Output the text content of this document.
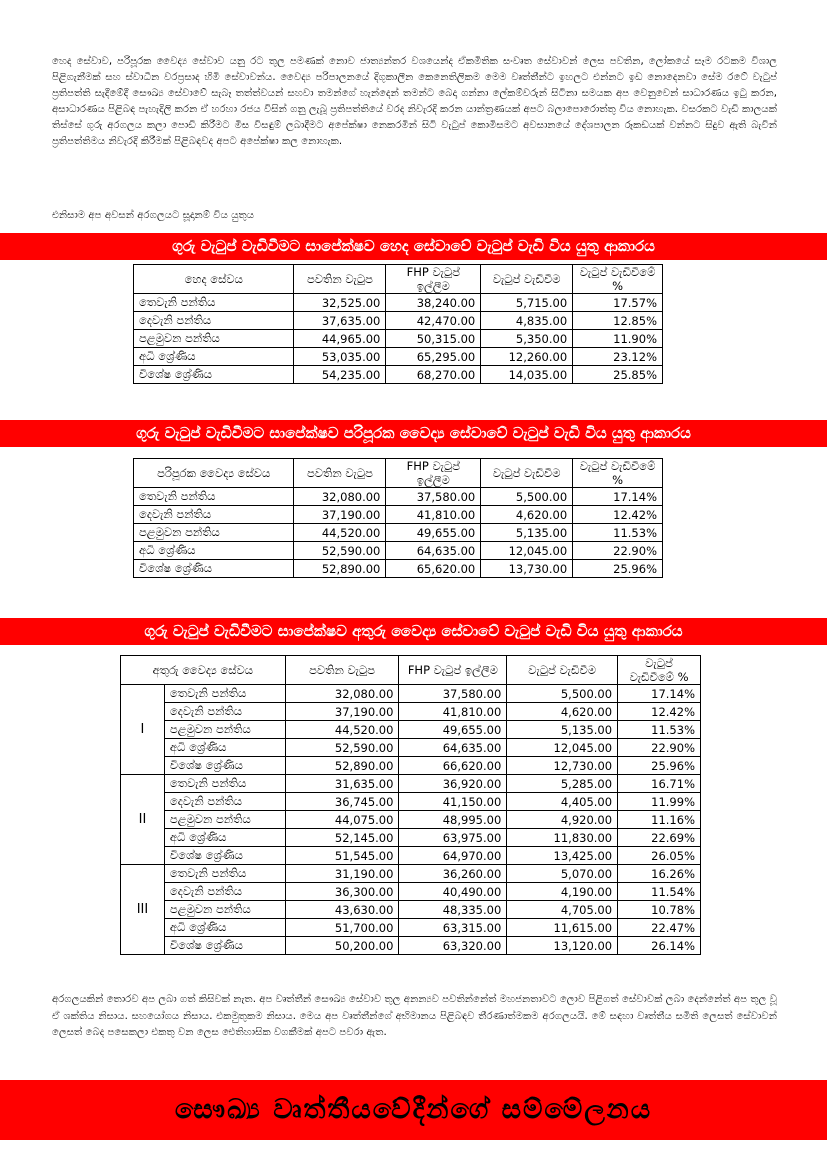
හෙද සේවාව, පරිපූරක වෛද්‍ය සේවාව යනු රට තුල පමණක් නොව ජාත්‍යන්තර වශයෙන්ද ඒකමිතික සංවෘත සේවාවන් ලෙස පවතින, ලෝකයේ සෑම රටකම විශාල පිළිගැනීමක් සහ ස්වාධීන වරප්‍රසාද හිමි සේවාවන්ය. වෛද්‍ය පරිපාලනයේ දිගුකාලීන කෙනෙතිලිකම මෙම වෘත්තීන්ට ඉහලට එන්නට ඉඩ නොදෙනවා සේම රටේ වැටුප් ප්‍රතිපත්ති සැදීමේදී සෞඛ්‍ය සේවාවේ සැබෑ තත්ත්වයන් සහවා තමන්ගේ හැන්දෙන් තමන්ට බෙදා ගන්නා ලේකම්වරුන් සිටිනා සමයක අප වෙනුවෙන් සාධාරණය ඉටු කරන, අසාධාරණය පිළිබඳ පැහැදිලි කරන ඒ හරහා රජය විසින් ගනු ලැබූ ප්‍රතිපත්තියේ වරද නිවැරදි කරන යාන්ත්‍රණයක් අපට බලාපොරොත්තු විය නොහැක. වසරකට වැඩි කාලයක් තිස්සේ ගුරු අරගලය කලා පොඩි කිරීමට මිස විසඳුම් ලබාදීමට අපේක්ෂා නෙකරමින් සිටි වැටුප් කොමිසමට අවසානයේ දේශපාලන රූකඩයක් වන්නට සිදුව ඇති බැවින් ප්‍රතිපත්තිමය නිවැරදි කිරීමක් පිළිබඳවද අපට අපේක්ෂා කල නොහැක.

එනිසාම අප අවසන් අරගලයට සූදානම් විය යුතුය

ගුරු වැටුප් වැඩිවීමට සාපේක්ෂව හෙද සේවාවේ වැටුප් වැඩි විය යුතු ආකාරය
හෙද සේවය	පවතින වැටුප	FHP වැටුප් ඉල්ලීම	වැටුප් වැඩිවීම	වැටුප් වැඩිවීමේ %
තෙවැනි පන්තිය	32,525.00	38,240.00	5,715.00	17.57%
දෙවැනි පන්තිය	37,635.00	42,470.00	4,835.00	12.85%
පළමුවන පන්තිය	44,965.00	50,315.00	5,350.00	11.90%
අධි ශ්‍රේණිය	53,035.00	65,295.00	12,260.00	23.12%
විශේෂ ශ්‍රේණිය	54,235.00	68,270.00	14,035.00	25.85%
ගුරු වැටුප් වැඩිවීමට සාපේක්ෂව පරිපූරක වෛද්‍ය සේවාවේ වැටුප් වැඩි විය යුතු ආකාරය
පරිපූරක වෛද්‍ය සේවය	පවතින වැටුප	FHP වැටුප් ඉල්ලීම	වැටුප් වැඩිවීම	වැටුප් වැඩිවීමේ %
තෙවැනි පන්තිය	32,080.00	37,580.00	5,500.00	17.14%
දෙවැනි පන්තිය	37,190.00	41,810.00	4,620.00	12.42%
පළමුවන පන්තිය	44,520.00	49,655.00	5,135.00	11.53%
අධි ශ්‍රේණිය	52,590.00	64,635.00	12,045.00	22.90%
විශේෂ ශ්‍රේණිය	52,890.00	65,620.00	13,730.00	25.96%
ගුරු වැටුප් වැඩිවීමට සාපේක්ෂව අතුරු වෛද්‍ය සේවාවේ වැටුප් වැඩි විය යුතු ආකාරය
අතුරු වෛද්‍ය සේවය		පවතින වැටුප	FHP වැටුප් ඉල්ලීම	වැටුප් වැඩිවීම	වැටුප් වැඩිවීමේ %
I	තෙවැනි පන්තිය	32,080.00	37,580.00	5,500.00	17.14%
	දෙවැනි පන්තිය	37,190.00	41,810.00	4,620.00	12.42%
	පළමුවන පන්තිය	44,520.00	49,655.00	5,135.00	11.53%
	අධි ශ්‍රේණිය	52,590.00	64,635.00	12,045.00	22.90%
	විශේෂ ශ්‍රේණිය	52,890.00	66,620.00	12,730.00	25.96%
II	තෙවැනි පන්තිය	31,635.00	36,920.00	5,285.00	16.71%
	දෙවැනි පන්තිය	36,745.00	41,150.00	4,405.00	11.99%
	පළමුවන පන්තිය	44,075.00	48,995.00	4,920.00	11.16%
	අධි ශ්‍රේණිය	52,145.00	63,975.00	11,830.00	22.69%
	විශේෂ ශ්‍රේණිය	51,545.00	64,970.00	13,425.00	26.05%
III	තෙවැනි පන්තිය	31,190.00	36,260.00	5,070.00	16.26%
	දෙවැනි පන්තිය	36,300.00	40,490.00	4,190.00	11.54%
	පළමුවන පන්තිය	43,630.00	48,335.00	4,705.00	10.78%
	අධි ශ්‍රේණිය	51,700.00	63,315.00	11,615.00	22.47%
	විශේෂ ශ්‍රේණිය	50,200.00	63,320.00	13,120.00	26.14%

අරගලයකින් තොරව අප ලබා ගත් කිසිවක් නැත. අප වෘත්තීන් සෞඛ්‍ය සේවාව තුල අනන්‍යව පවතින්නේත් මහජනතාවට ලොව පිළිගත් සේවාවක් ලබා දෙන්නේත් අප තුල වූ ඒ ශක්තිය නිසාය. සහයෝගය නිසාය. එකමුතුකම නිසාය. මෙය අප වෘත්තීන්ගේ අභිමානය පිළිබඳව තීරණාත්මකම අරගලයයි. මේ සඳහා වෘත්තීය සමිති ලෙසත් සේවාවන් ලෙසත් බෙද පසෙකලා එකතු වන ලෙස ඓතිහාසික වගකීමක් අපට පවරා ඇත.

සෞඛ්‍ය වෘත්තීයවේදීන්ගේ සම්මේලනය
